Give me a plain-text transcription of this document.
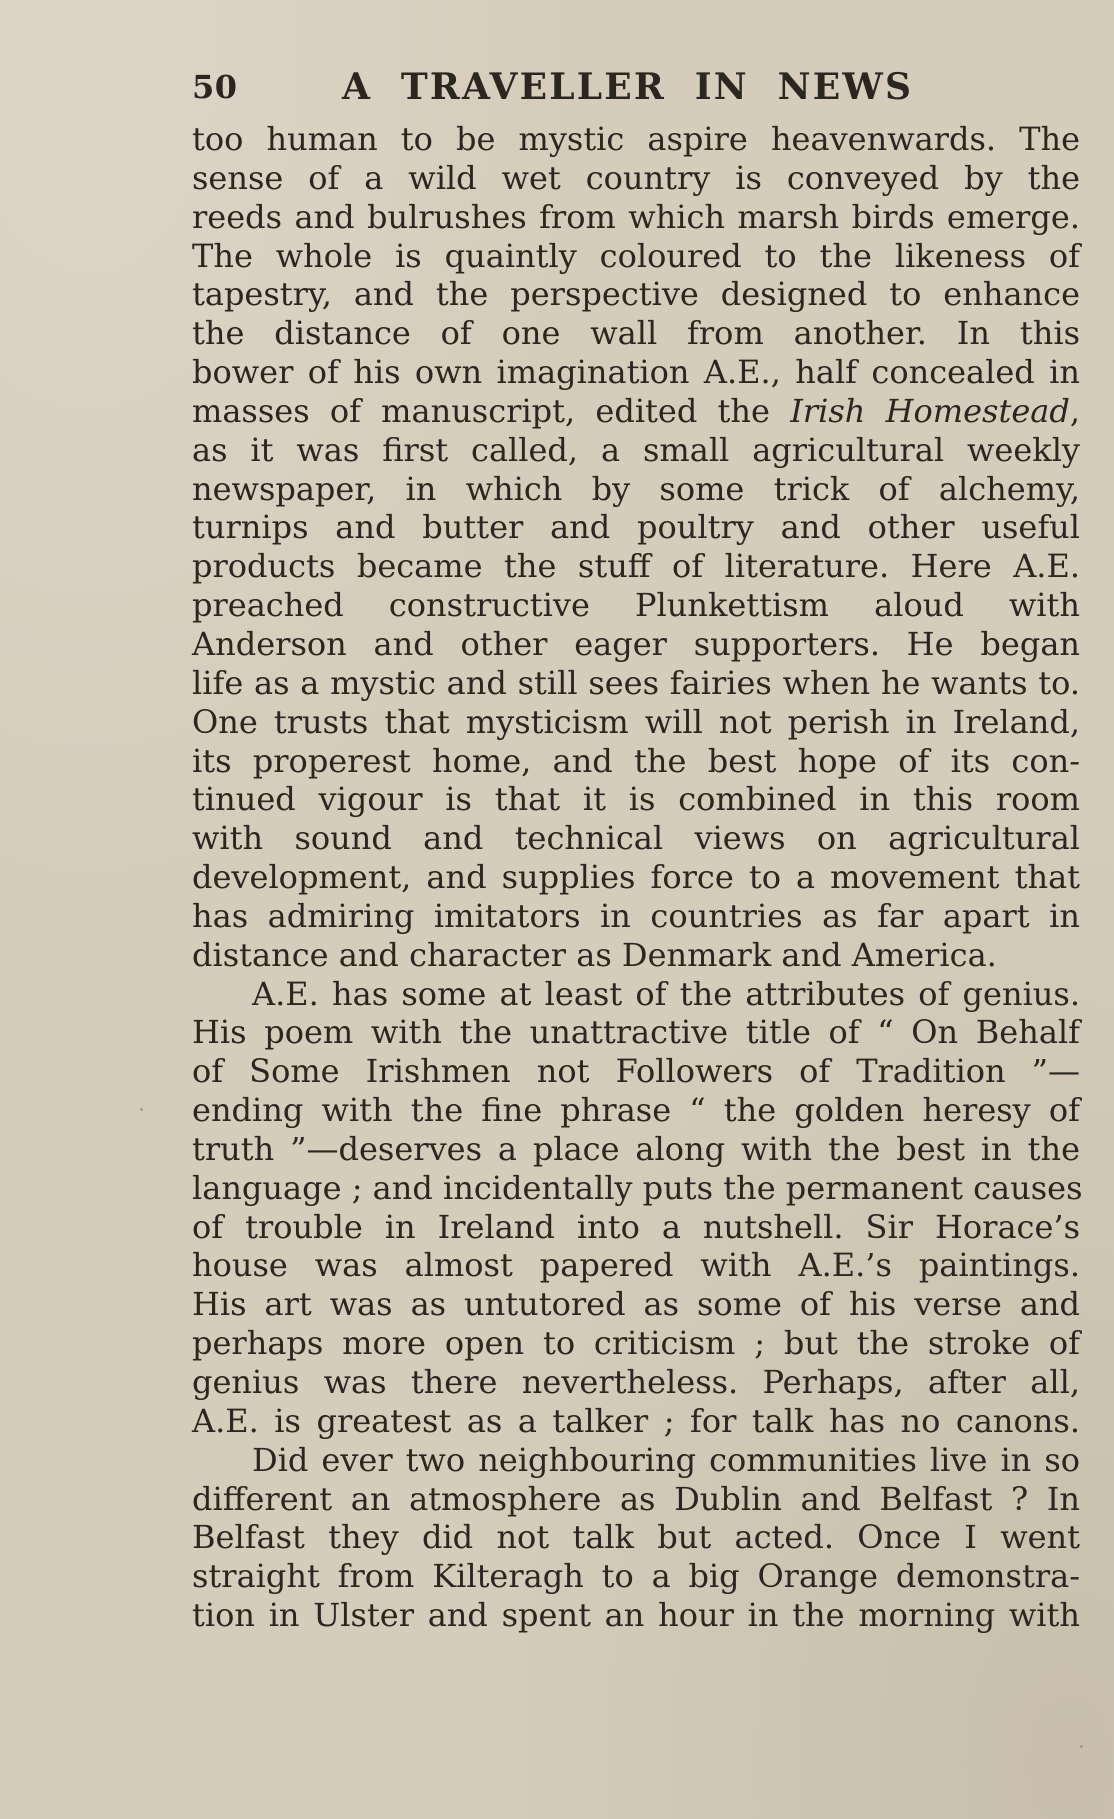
50	A TRAVELLER IN NEWS
too human to be mystic aspire heavenwards. The
sense of a wild wet country is conveyed by the
reeds and bulrushes from which marsh birds emerge.
The whole is quaintly coloured to the likeness of
tapestry, and the perspective designed to enhance
the distance of one wall from another. In this
bower of his own imagination A.E., half concealed in
masses of manuscript, edited the Irish Homestead,
as it was first called, a small agricultural weekly
newspaper, in which by some trick of alchemy,
turnips and butter and poultry and other useful
products became the stuff of literature. Here A.E.
preached constructive Plunkettism aloud with
Anderson and other eager supporters. He began
life as a mystic and still sees fairies when he wants to.
One trusts that mysticism will not perish in Ireland,
its properest home, and the best hope of its con-
tinued vigour is that it is combined in this room
with sound and technical views on agricultural
development, and supplies force to a movement that
has admiring imitators in countries as far apart in
distance and character as Denmark and America.
A.E. has some at least of the attributes of genius.
His poem with the unattractive title of “ On Behalf
of Some Irishmen not Followers of Tradition ”—
ending with the fine phrase “ the golden heresy of
truth ”—deserves a place along with the best in the
language ; and incidentally puts the permanent causes
of trouble in Ireland into a nutshell. Sir Horace’s
house was almost papered with A.E.’s paintings.
His art was as untutored as some of his verse and
perhaps more open to criticism ; but the stroke of
genius was there nevertheless. Perhaps, after all,
A.E. is greatest as a talker ; for talk has no canons.
Did ever two neighbouring communities live in so
different an atmosphere as Dublin and Belfast ? In
Belfast they did not talk but acted. Once I went
straight from Kilteragh to a big Orange demonstra-
tion in Ulster and spent an hour in the morning with
